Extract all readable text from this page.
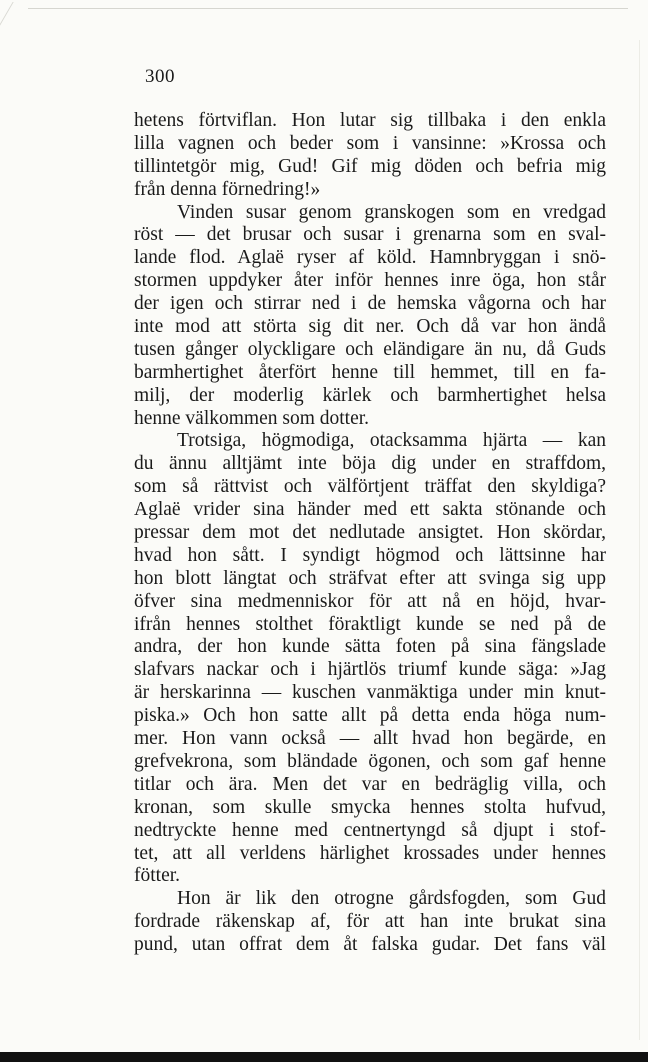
300
hetens förtviflan. Hon lutar sig tillbaka i den enkla
lilla vagnen och beder som i vansinne: »Krossa och
tillintetgör mig, Gud! Gif mig döden och befria mig
från denna förnedring!»
Vinden susar genom granskogen som en vredgad
röst — det brusar och susar i grenarna som en sval-
lande flod. Aglaë ryser af köld. Hamnbryggan i snö-
stormen uppdyker åter inför hennes inre öga, hon står
der igen och stirrar ned i de hemska vågorna och har
inte mod att störta sig dit ner. Och då var hon ändå
tusen gånger olyckligare och eländigare än nu, då Guds
barmhertighet återfört henne till hemmet, till en fa-
milj, der moderlig kärlek och barmhertighet helsa
henne välkommen som dotter.
Trotsiga, högmodiga, otacksamma hjärta — kan
du ännu alltjämt inte böja dig under en straffdom,
som så rättvist och välförtjent träffat den skyldiga?
Aglaë vrider sina händer med ett sakta stönande och
pressar dem mot det nedlutade ansigtet. Hon skördar,
hvad hon sått. I syndigt högmod och lättsinne har
hon blott längtat och sträfvat efter att svinga sig upp
öfver sina medmenniskor för att nå en höjd, hvar-
ifrån hennes stolthet föraktligt kunde se ned på de
andra, der hon kunde sätta foten på sina fängslade
slafvars nackar och i hjärtlös triumf kunde säga: »Jag
är herskarinna — kuschen vanmäktiga under min knut-
piska.» Och hon satte allt på detta enda höga num-
mer. Hon vann också — allt hvad hon begärde, en
grefvekrona, som bländade ögonen, och som gaf henne
titlar och ära. Men det var en bedräglig villa, och
kronan, som skulle smycka hennes stolta hufvud,
nedtryckte henne med centnertyngd så djupt i stof-
tet, att all verldens härlighet krossades under hennes
fötter.
Hon är lik den otrogne gårdsfogden, som Gud
fordrade räkenskap af, för att han inte brukat sina
pund, utan offrat dem åt falska gudar. Det fans väl
